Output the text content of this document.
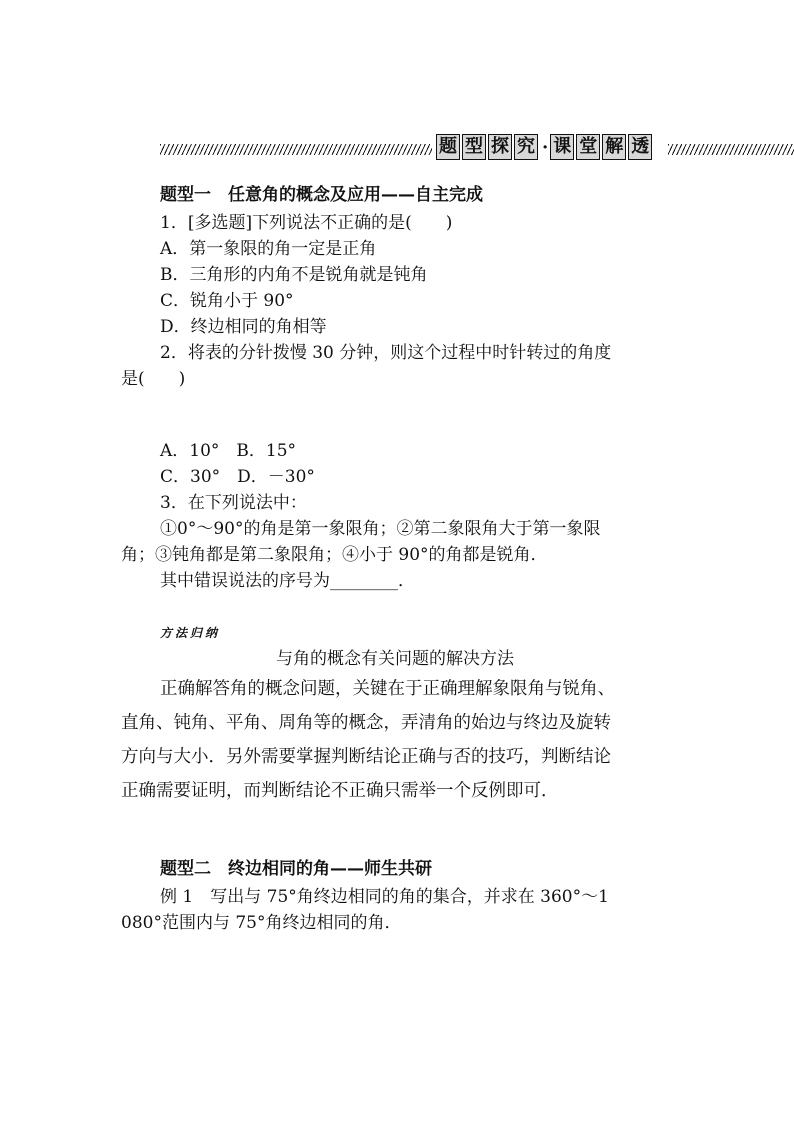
题 型 探 究 · 课 堂 解 透
题型一　任意角的概念及应用——自主完成
1．[多选题]下列说法不正确的是(　　)
A．第一象限的角一定是正角
B．三角形的内角不是锐角就是钝角
C．锐角小于 90°
D．终边相同的角相等
2．将表的分针拨慢 30 分钟，则这个过程中时针转过的角度
是(　　)
A．10°　B．15°
C．30°　D．－30°
3．在下列说法中：
①0°～90°的角是第一象限角；②第二象限角大于第一象限
角；③钝角都是第二象限角；④小于 90°的角都是锐角．
其中错误说法的序号为________．
方法归纳
与角的概念有关问题的解决方法
正确解答角的概念问题，关键在于正确理解象限角与锐角、
直角、钝角、平角、周角等的概念，弄清角的始边与终边及旋转
方向与大小．另外需要掌握判断结论正确与否的技巧，判断结论
正确需要证明，而判断结论不正确只需举一个反例即可．
题型二　终边相同的角——师生共研
例 1　写出与 75°角终边相同的角的集合，并求在 360°～1
080°范围内与 75°角终边相同的角．
